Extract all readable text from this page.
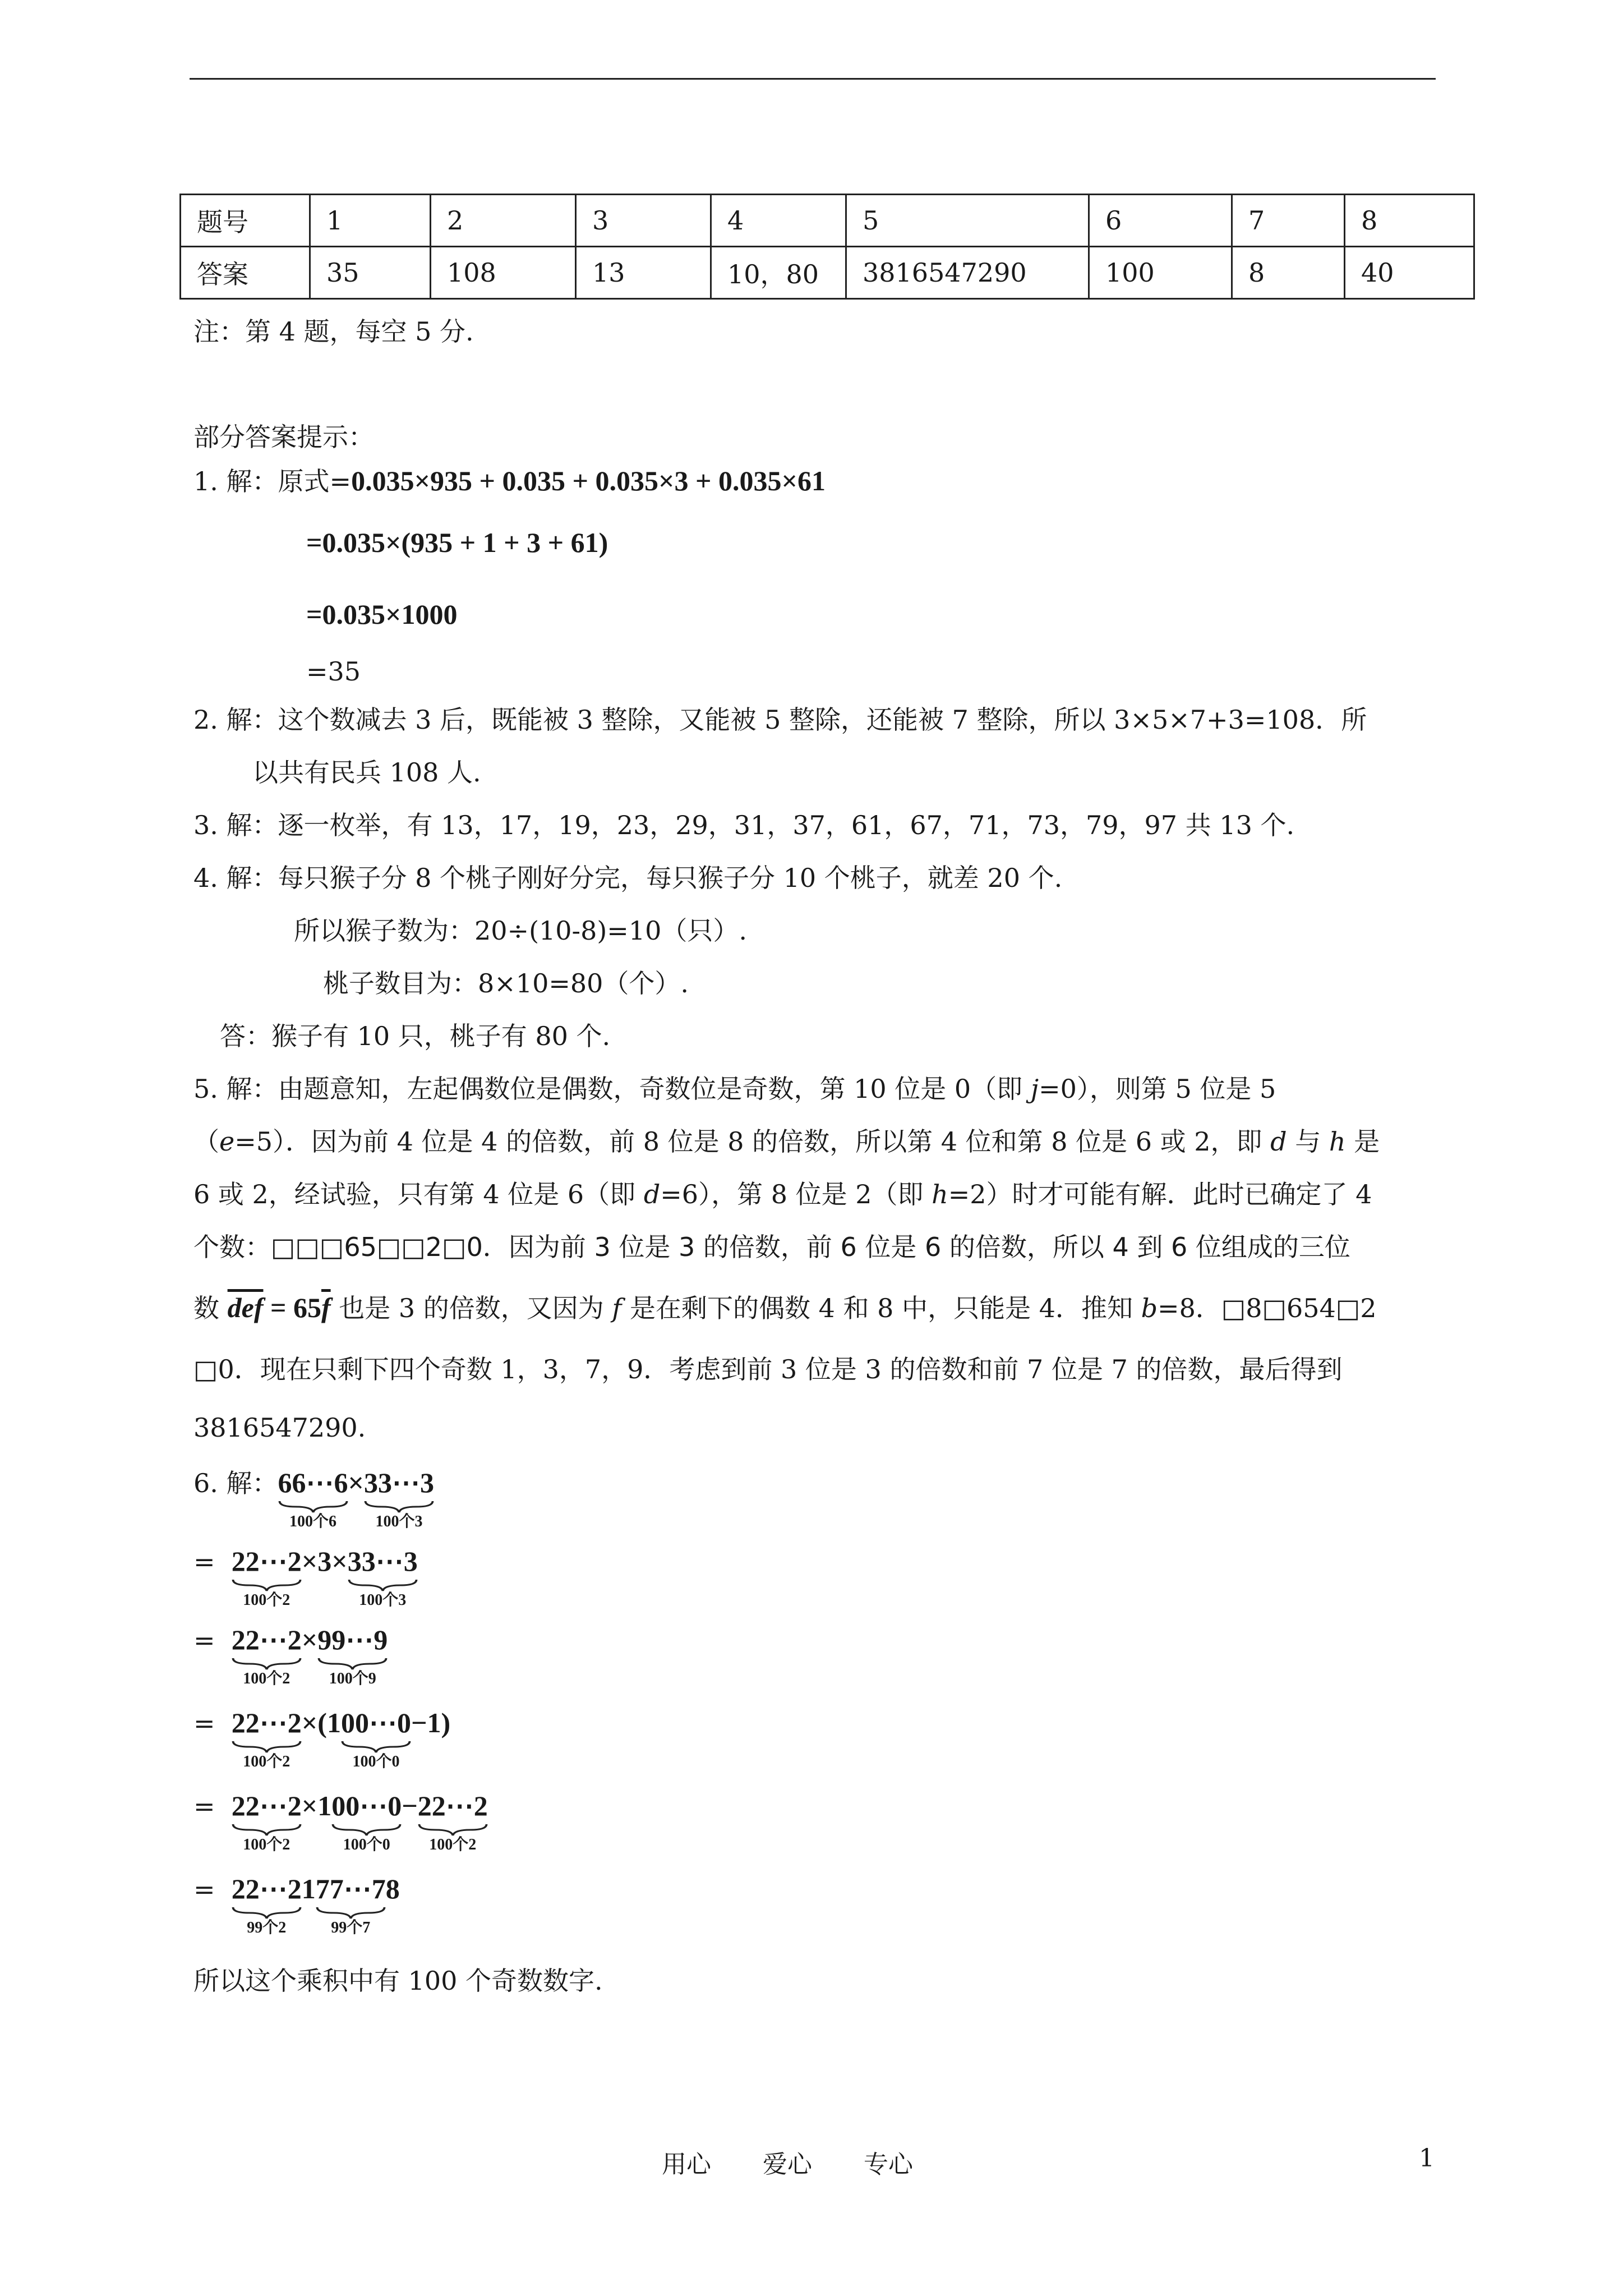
题号	1	2	3	4	5	6	7	8
答案	35	108	13	10，80	3816547290	100	8	40
注：第 4 题，每空 5 分.
部分答案提示：
1. 解：原式=0.035×935 + 0.035 + 0.035×3 + 0.035×61
=0.035×(935 + 1 + 3 + 61)
=0.035×1000
=35
2. 解：这个数减去 3 后，既能被 3 整除，又能被 5 整除，还能被 7 整除，所以 3×5×7+3=108．所
以共有民兵 108 人.
3. 解：逐一枚举，有 13，17，19，23，29，31，37，61，67，71，73，79，97 共 13 个.
4. 解：每只猴子分 8 个桃子刚好分完，每只猴子分 10 个桃子，就差 20 个.
所以猴子数为：20÷(10-8)=10（只）.
桃子数目为：8×10=80（个）.
答：猴子有 10 只，桃子有 80 个.
5. 解：由题意知，左起偶数位是偶数，奇数位是奇数，第 10 位是 0（即 j=0），则第 5 位是 5
（e=5）．因为前 4 位是 4 的倍数，前 8 位是 8 的倍数，所以第 4 位和第 8 位是 6 或 2，即 d 与 h 是
6 或 2，经试验，只有第 4 位是 6（即 d=6），第 8 位是 2（即 h=2）时才可能有解．此时已确定了 4
个数：□□□65□□2□0．因为前 3 位是 3 的倍数，前 6 位是 6 的倍数，所以 4 到 6 位组成的三位
数 $\overline{def} = 65\overline{f}$ 也是 3 的倍数，又因为 f 是在剩下的偶数 4 和 8 中，只能是 4．推知 b=8．□8□654□2
□0．现在只剩下四个奇数 1，3，7，9．考虑到前 3 位是 3 的倍数和前 7 位是 7 的倍数，最后得到
3816547290.
6. 解： 66⋯6
100个6
× 33⋯3
100个3
= 22⋯2
100个2
×3× 33⋯3
100个3
= 22⋯2
100个2
× 99⋯9
100个9
= 22⋯2
100个2
×(1 00⋯0
100个0
−1)
= 22⋯2
100个2
×1 00⋯0
100个0
− 22⋯2
100个2
= 22⋯2
99个2
1 77⋯7
99个7
8
所以这个乘积中有 100 个奇数数字.
用心 爱心 专心	1
